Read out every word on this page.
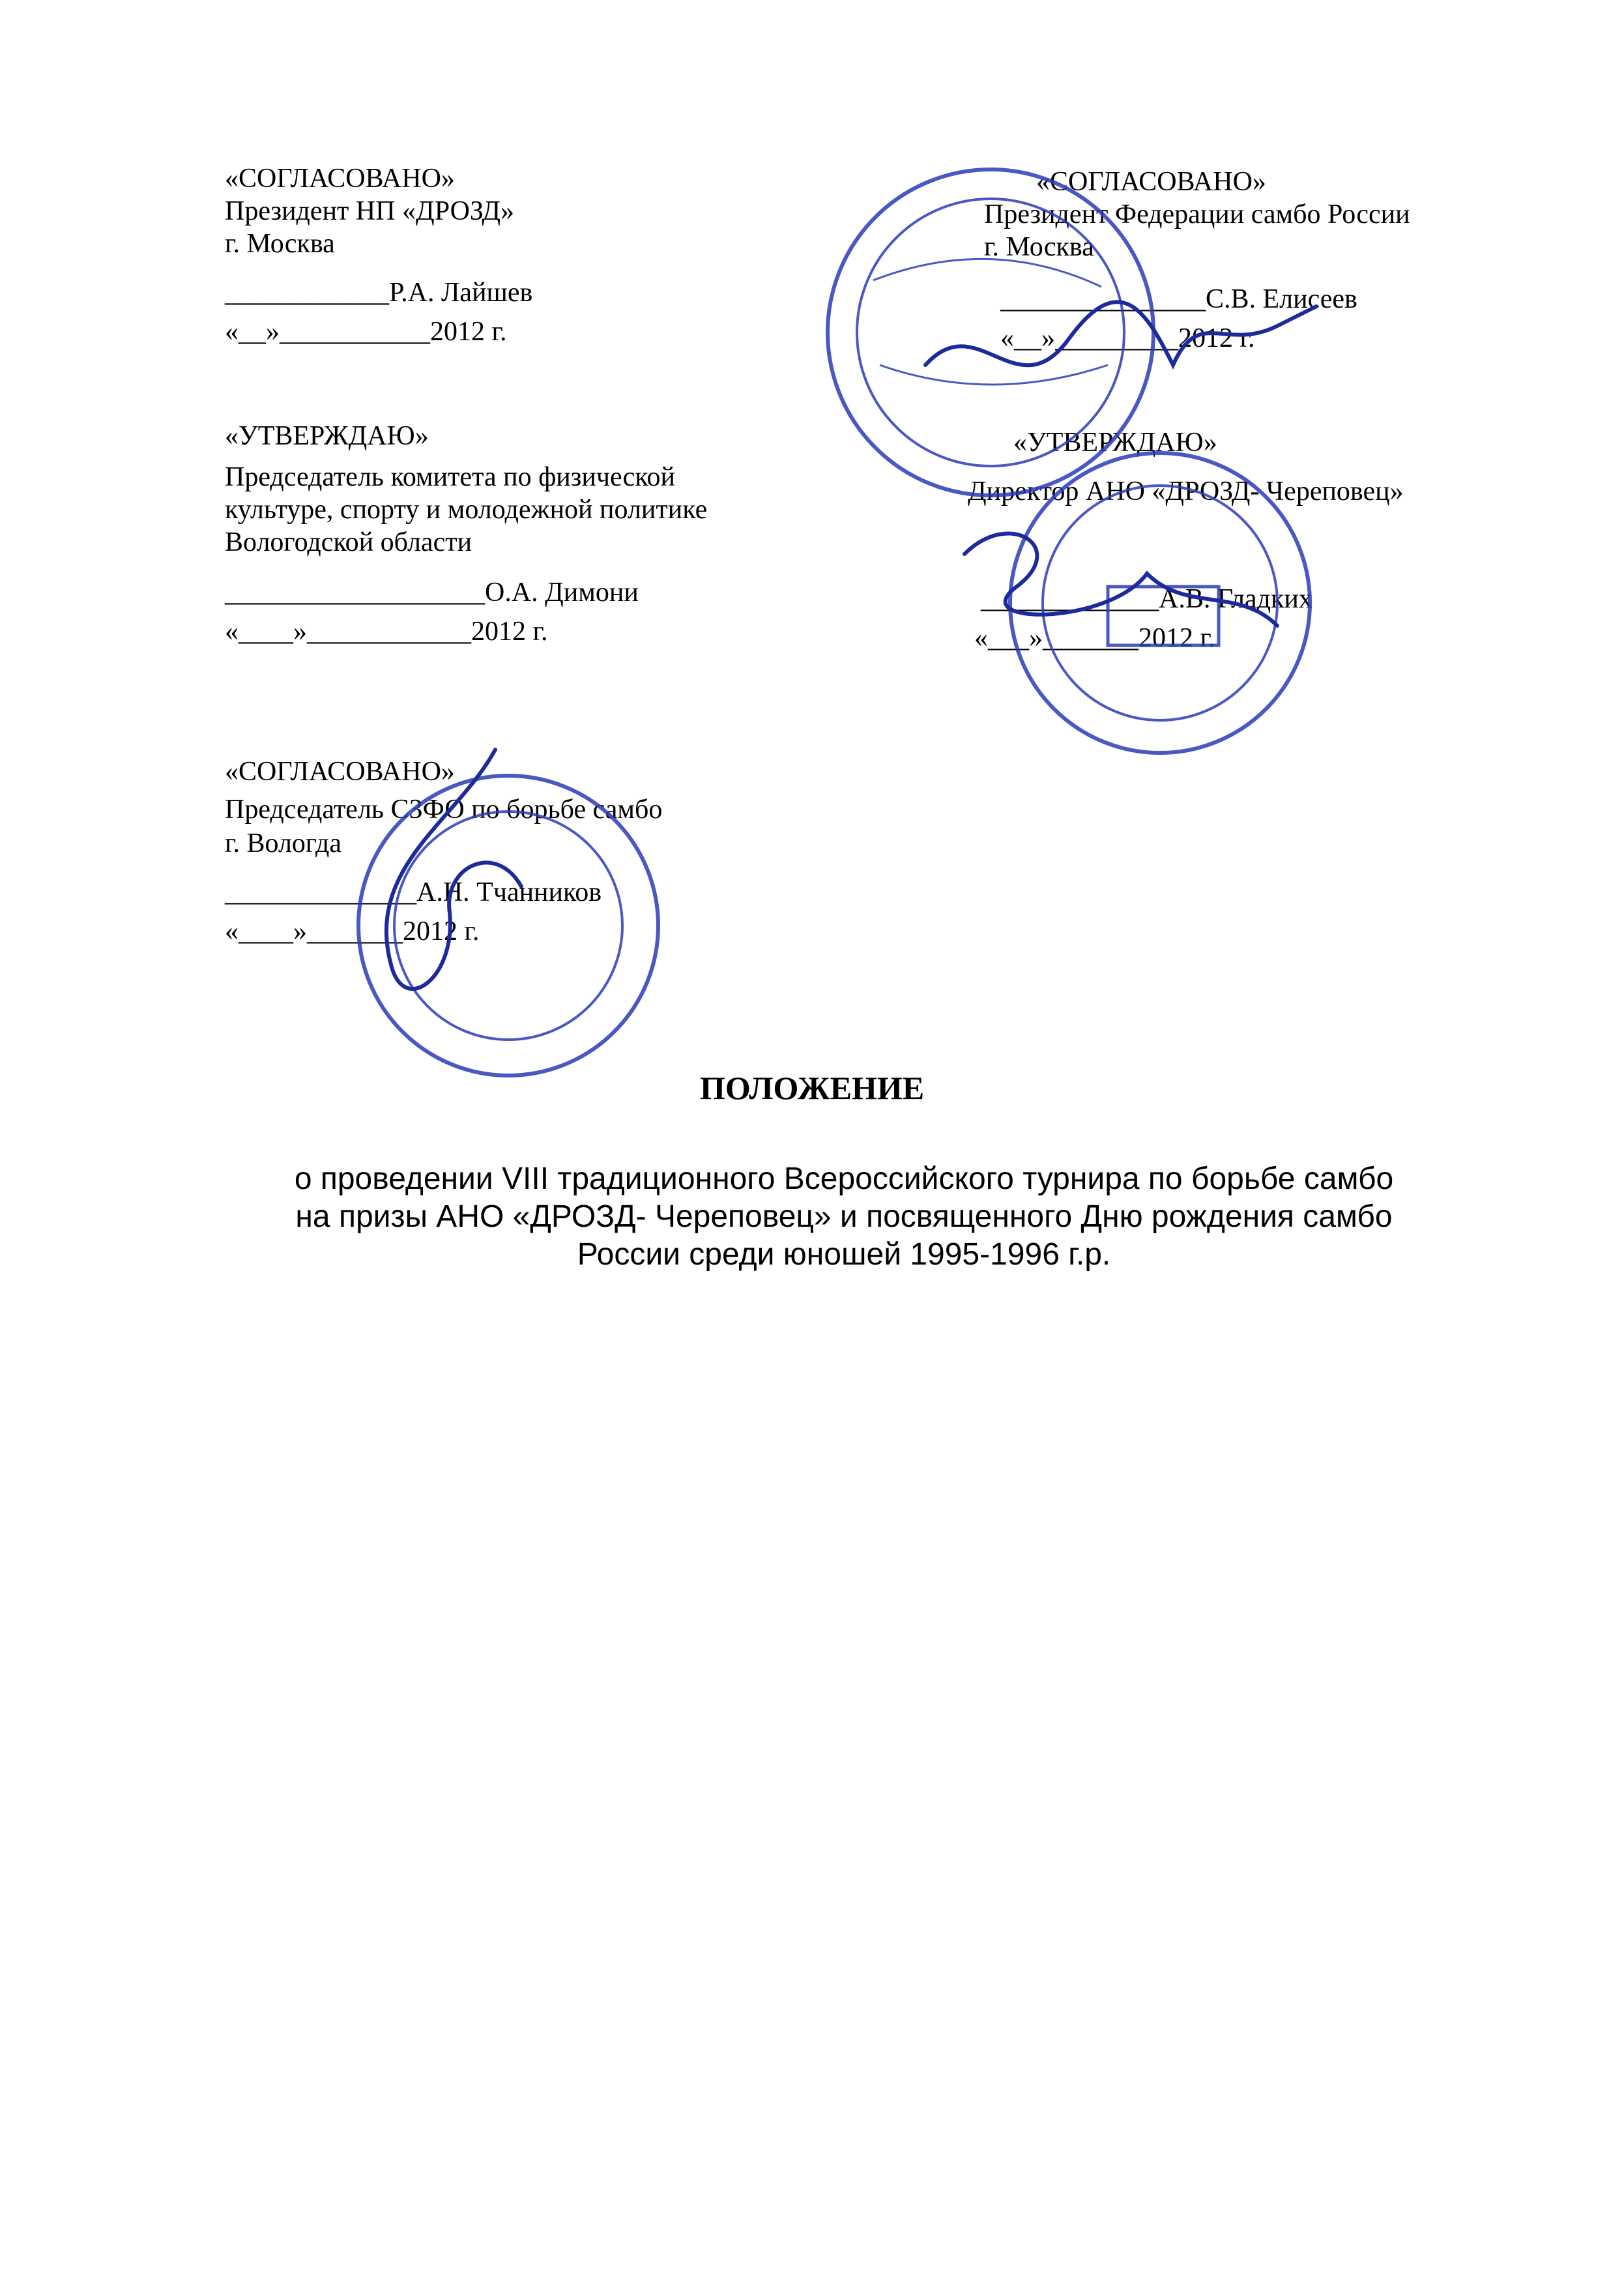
«СОГЛАСОВАНО»
Президент НП «ДРОЗД»
г. Москва
____________Р.А. Лайшев
«__»___________2012 г.
«СОГЛАСОВАНО»
Президент Федерации самбо России
г. Москва
_______________С.В. Елисеев
«__»_________2012 г.
«УТВЕРЖДАЮ»
Председатель комитета по физической
культуре, спорту и молодежной политике
Вологодской области
___________________О.А. Димони
«____»____________2012 г.
«УТВЕРЖДАЮ»
Директор АНО «ДРОЗД- Череповец»
_____________А.В. Гладких
«___»_______2012 г.
«СОГЛАСОВАНО»
Председатель СЗФО по борьбе самбо
г. Вологда
______________А.Н. Тчанников
«____»_______2012 г.
ПОЛОЖЕНИЕ
о проведении VIII традиционного Всероссийского турнира по борьбе самбо
на призы АНО «ДРОЗД- Череповец» и посвященного Дню рождения самбо
России среди юношей 1995-1996 г.р.
